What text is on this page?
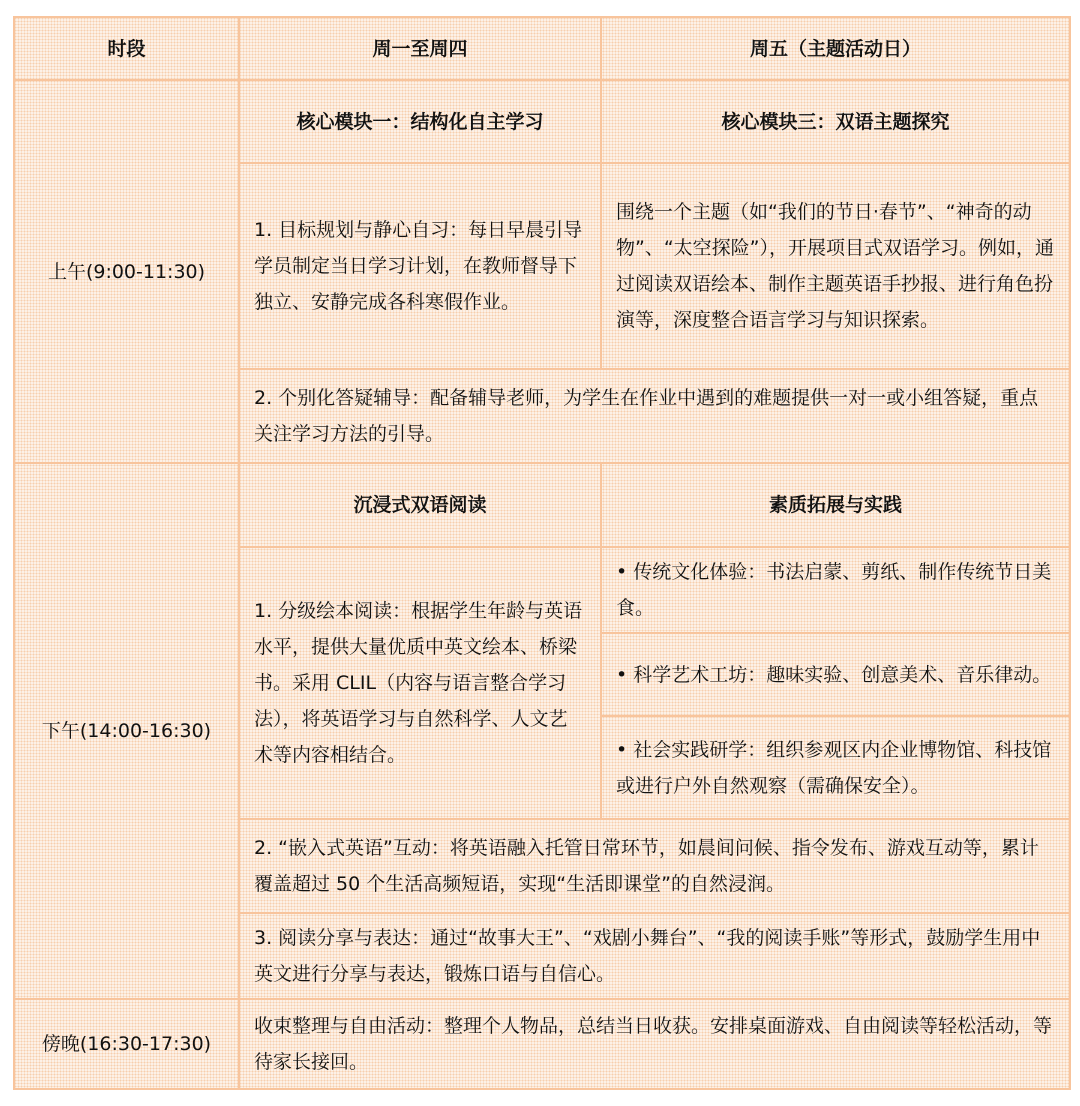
时段	周一至周四	周五（主题活动日）
上午(9:00-11:30)	核心模块一：结构化自主学习	核心模块三：双语主题探究
	1. 目标规划与静心自习：每日早晨引导学员制定当日学习计划，在教师督导下独立、安静完成各科寒假作业。	围绕一个主题（如“我们的节日·春节”、“神奇的动物”、“太空探险”），开展项目式双语学习。例如，通过阅读双语绘本、制作主题英语手抄报、进行角色扮演等，深度整合语言学习与知识探索。
	2. 个别化答疑辅导：配备辅导老师，为学生在作业中遇到的难题提供一对一或小组答疑，重点关注学习方法的引导。	
下午(14:00-16:30)	沉浸式双语阅读	素质拓展与实践
	1. 分级绘本阅读：根据学生年龄与英语水平，提供大量优质中英文绘本、桥梁书。采用 CLIL（内容与语言整合学习法），将英语学习与自然科学、人文艺术等内容相结合。	• 传统文化体验：书法启蒙、剪纸、制作传统节日美食。
		• 科学艺术工坊：趣味实验、创意美术、音乐律动。
		• 社会实践研学：组织参观区内企业博物馆、科技馆或进行户外自然观察（需确保安全）。
	2. “嵌入式英语”互动：将英语融入托管日常环节，如晨间问候、指令发布、游戏互动等，累计覆盖超过 50 个生活高频短语，实现“生活即课堂”的自然浸润。	
	3. 阅读分享与表达：通过“故事大王”、“戏剧小舞台”、“我的阅读手账”等形式，鼓励学生用中英文进行分享与表达，锻炼口语与自信心。	

傍晚(16:30-17:30)	收束整理与自由活动：整理个人物品，总结当日收获。安排桌面游戏、自由阅读等轻松活动，等待家长接回。	
